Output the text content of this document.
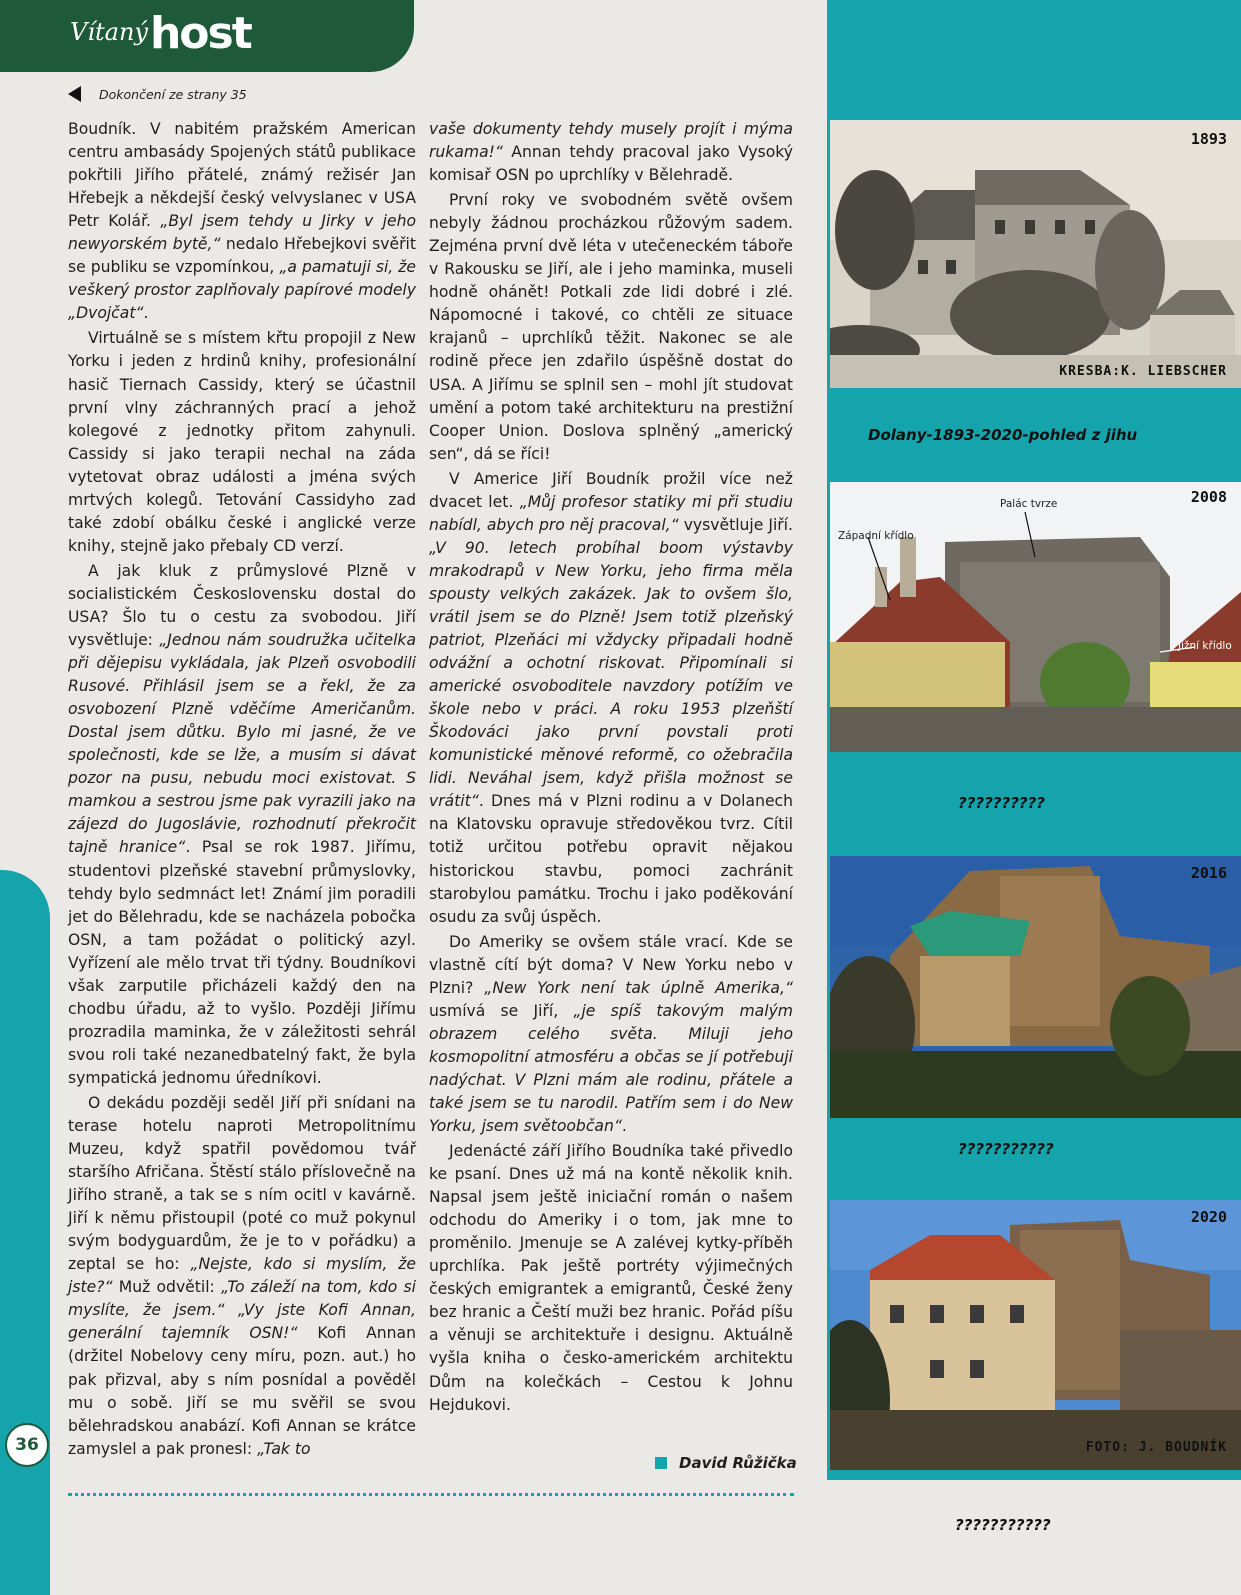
Vítanýhost
Dokončení ze strany 35

Boudník. V nabitém pražském American centru ambasády Spojených států publikace pokřtili Jiřího přátelé, známý režisér Jan Hřebejk a někdejší český velvyslanec v USA Petr Kolář. „Byl jsem tehdy u Jirky v jeho newyorském bytě,“ nedalo Hřebejkovi svěřit se publiku se vzpomínkou, „a pamatuji si, že veškerý prostor zaplňovaly papírové modely „Dvojčat“.

Virtuálně se s místem křtu propojil z New Yorku i jeden z hrdinů knihy, profesionální hasič Tiernach Cassidy, který se účastnil první vlny záchranných prací a jehož kolegové z jednotky přitom zahynuli. Cassidy si jako terapii nechal na záda vytetovat obraz události a jména svých mrtvých kolegů. Tetování Cassidyho zad také zdobí obálku české i anglické verze knihy, stejně jako přebaly CD verzí.

A jak kluk z průmyslové Plzně v socialistickém Československu dostal do USA? Šlo tu o cestu za svobodou. Jiří vysvětluje: „Jednou nám soudružka učitelka při dějepisu vykládala, jak Plzeň osvobodili Rusové. Přihlásil jsem se a řekl, že za osvobození Plzně vděčíme Američanům. Dostal jsem důtku. Bylo mi jasné, že ve společnosti, kde se lže, a musím si dávat pozor na pusu, nebudu moci existovat. S mamkou a sestrou jsme pak vyrazili jako na zájezd do Jugoslávie, rozhodnutí překročit tajně hranice“. Psal se rok 1987. Jiřímu, studentovi plzeňské stavební průmyslovky, tehdy bylo sedmnáct let! Známí jim poradili jet do Bělehradu, kde se nacházela pobočka OSN, a tam požádat o politický azyl. Vyřízení ale mělo trvat tři týdny. Boudníkovi však zarputile přicházeli každý den na chodbu úřadu, až to vyšlo. Později Jiřímu prozradila maminka, že v záležitosti sehrál svou roli také nezanedbatelný fakt, že byla sympatická jednomu úředníkovi.

O dekádu později seděl Jiří při snídani na terase hotelu naproti Metropolitnímu Muzeu, když spatřil povědomou tvář staršího Afričana. Štěstí stálo příslovečně na Jiřího straně, a tak se s ním ocitl v kavárně. Jiří k němu přistoupil (poté co muž pokynul svým bodyguardům, že je to v pořádku) a zeptal se ho: „Nejste, kdo si myslím, že jste?“ Muž odvětil: „To záleží na tom, kdo si myslíte, že jsem.“ „Vy jste Kofi Annan, generální tajemník OSN!“ Kofi Annan (držitel Nobelovy ceny míru, pozn. aut.) ho pak přizval, aby s ním posnídal a pověděl mu o sobě. Jiří se mu svěřil se svou bělehradskou anabází. Kofi Annan se krátce zamyslel a pak pronesl: „Tak to

vaše dokumenty tehdy musely projít i mýma rukama!“ Annan tehdy pracoval jako Vysoký komisař OSN po uprchlíky v Bělehradě.

První roky ve svobodném světě ovšem nebyly žádnou procházkou růžovým sadem. Zejména první dvě léta v utečeneckém táboře v Rakousku se Jiří, ale i jeho maminka, museli hodně ohánět! Potkali zde lidi dobré i zlé. Nápomocné i takové, co chtěli ze situace krajanů – uprchlíků těžit. Nakonec se ale rodině přece jen zdařilo úspěšně dostat do USA. A Jiřímu se splnil sen – mohl jít studovat umění a potom také architekturu na prestižní Cooper Union. Doslova splněný „americký sen“, dá se říci!

V Americe Jiří Boudník prožil více než dvacet let. „Můj profesor statiky mi při studiu nabídl, abych pro něj pracoval,“ vysvětluje Jiří. „V 90. letech probíhal boom výstavby mrakodrapů v New Yorku, jeho firma měla spousty velkých zakázek. Jak to ovšem šlo, vrátil jsem se do Plzně! Jsem totiž plzeňský patriot, Plzeňáci mi vždycky připadali hodně odvážní a ochotní riskovat. Připomínali si americké osvoboditele navzdory potížím ve škole nebo v práci. A roku 1953 plzeňští Škodováci jako první povstali proti komunistické měnové reformě, co ožebračila lidi. Neváhal jsem, když přišla možnost se vrátit“. Dnes má v Plzni rodinu a v Dolanech na Klatovsku opravuje středověkou tvrz. Cítil totiž určitou potřebu opravit nějakou historickou stavbu, pomoci zachránit starobylou památku. Trochu i jako poděkování osudu za svůj úspěch.

Do Ameriky se ovšem stále vrací. Kde se vlastně cítí být doma? V New Yorku nebo v Plzni? „New York není tak úplně Amerika,“ usmívá se Jiří, „je spíš takovým malým obrazem celého světa. Miluji jeho kosmopolitní atmosféru a občas se jí potřebuji nadýchat. V Plzni mám ale rodinu, přátele a také jsem se tu narodil. Patřím sem i do New Yorku, jsem světoobčan“.

Jedenácté září Jiřího Boudníka také přivedlo ke psaní. Dnes už má na kontě několik knih. Napsal jsem ještě iniciační román o našem odchodu do Ameriky i o tom, jak mne to proměnilo. Jmenuje se A zalévej kytky-příběh uprchlíka. Pak ještě portréty výjimečných českých emigrantek a emigrantů, České ženy bez hranic a Čeští muži bez hranic. Pořád píšu a věnuji se architektuře i designu. Aktuálně vyšla kniha o česko-americkém architektu Dům na kolečkách – Cestou k Johnu Hejdukovi.

David Růžička
36
1893
KRESBA:K. LIEBSCHER
Dolany-1893-2020-pohled z jihu
2008
Palác tvrze
Západní křídlo
Jižní křídlo
??????????
2016
???????????
2020
FOTO: J. BOUDNÍK
???????????
